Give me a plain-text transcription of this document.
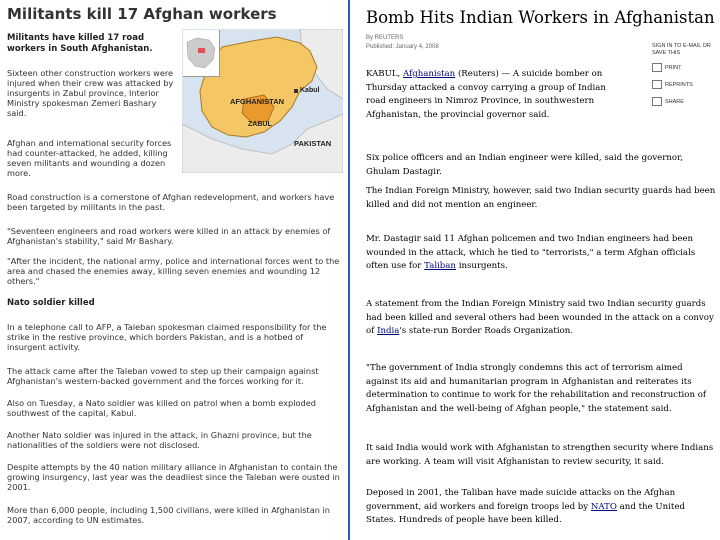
Militants kill 17 Afghan workers
Militants have killed 17 road workers in South Afghanistan.
Sixteen other construction workers were injured when their crew was attacked by insurgents in Zabul province, Interior Ministry spokesman Zemeri Bashary said.
Afghan and international security forces had counter-attacked, he added, killing seven militants and wounding a dozen more.
AFGHANISTAN
Kabul
ZABUL
PAKISTAN
Road construction is a cornerstone of Afghan redevelopment, and workers have been targeted by militants in the past.
"Seventeen engineers and road workers were killed in an attack by enemies of Afghanistan's stability," said Mr Bashary.
"After the incident, the national army, police and international forces went to the area and chased the enemies away, killing seven enemies and wounding 12 others."
Nato soldier killed
In a telephone call to AFP, a Taleban spokesman claimed responsibility for the strike in the restive province, which borders Pakistan, and is a hotbed of insurgent activity.
The attack came after the Taleban vowed to step up their campaign against Afghanistan's western-backed government and the forces working for it.
Also on Tuesday, a Nato soldier was killed on patrol when a bomb exploded southwest of the capital, Kabul.
Another Nato soldier was injured in the attack, in Ghazni province, but the nationalities of the soldiers were not disclosed.
Despite attempts by the 40 nation military alliance in Afghanistan to contain the growing insurgency, last year was the deadliest since the Taleban were ousted in 2001.
More than 6,000 people, including 1,500 civilians, were killed in Afghanistan in 2007, according to UN estimates.
Bomb Hits Indian Workers in Afghanistan
By REUTERS
Published: January 4, 2008	SIGN IN TO E-MAIL OR SAVE THIS
PRINT
REPRINTS
SHARE
KABUL, Afghanistan (Reuters) — A suicide bomber on Thursday attacked a convoy carrying a group of Indian road engineers in Nimroz Province, in southwestern Afghanistan, the provincial governor said.
Six police officers and an Indian engineer were killed, said the governor, Ghulam Dastagir.
The Indian Foreign Ministry, however, said two Indian security guards had been killed and did not mention an engineer.
Mr. Dastagir said 11 Afghan policemen and two Indian engineers had been wounded in the attack, which he tied to "terrorists," a term Afghan officials often use for Taliban insurgents.
A statement from the Indian Foreign Ministry said two Indian security guards had been killed and several others had been wounded in the attack on a convoy of India's state-run Border Roads Organization.
"The government of India strongly condemns this act of terrorism aimed against its aid and humanitarian program in Afghanistan and reiterates its determination to continue to work for the rehabilitation and reconstruction of Afghanistan and the well-being of Afghan people," the statement said.
It said India would work with Afghanistan to strengthen security where Indians are working. A team will visit Afghanistan to review security, it said.
Deposed in 2001, the Taliban have made suicide attacks on the Afghan government, aid workers and foreign troops led by NATO and the United States. Hundreds of people have been killed.
